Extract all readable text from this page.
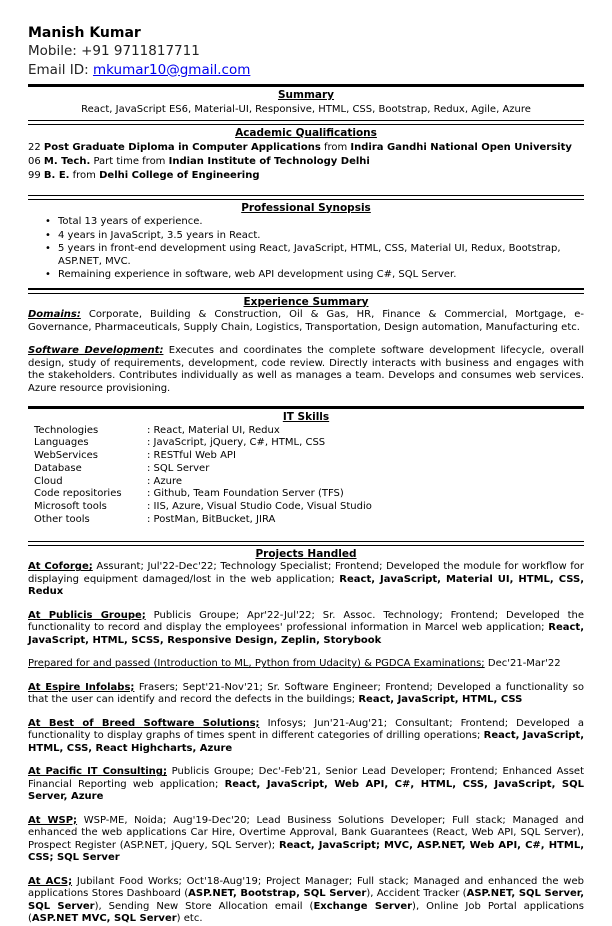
Manish Kumar

Mobile: +91 9711817711

Email ID: mkumar10@gmail.com

Summary

React, JavaScript ES6, Material-UI, Responsive, HTML, CSS, Bootstrap, Redux, Agile, Azure

Academic Qualifications

22 Post Graduate Diploma in Computer Applications from Indira Gandhi National Open University

06 M. Tech. Part time from Indian Institute of Technology Delhi

99 B. E. from Delhi College of Engineering

Professional Synopsis

• Total 13 years of experience.
• 4 years in JavaScript, 3.5 years in React.
• 5 years in front-end development using React, JavaScript, HTML, CSS, Material UI, Redux, Bootstrap, ASP.NET, MVC.
• Remaining experience in software, web API development using C#, SQL Server.

Experience Summary

Domains: Corporate, Building & Construction, Oil & Gas, HR, Finance & Commercial, Mortgage, e-Governance, Pharmaceuticals, Supply Chain, Logistics, Transportation, Design automation, Manufacturing etc.

Software Development: Executes and coordinates the complete software development lifecycle, overall design, study of requirements, development, code review. Directly interacts with business and engages with the stakeholders. Contributes individually as well as manages a team. Develops and consumes web services. Azure resource provisioning.

IT Skills

Technologies	: React, Material UI, Redux
Languages	: JavaScript, jQuery, C#, HTML, CSS
WebServices	: RESTful Web API
Database	: SQL Server
Cloud	: Azure
Code repositories	: Github, Team Foundation Server (TFS)
Microsoft tools	: IIS, Azure, Visual Studio Code, Visual Studio
Other tools	: PostMan, BitBucket, JIRA

Projects Handled

At Coforge; Assurant; Jul'22-Dec'22; Technology Specialist; Frontend; Developed the module for workflow for displaying equipment damaged/lost in the web application; React, JavaScript, Material UI, HTML, CSS, Redux

At Publicis Groupe; Publicis Groupe; Apr'22-Jul'22; Sr. Assoc. Technology; Frontend; Developed the functionality to record and display the employees' professional information in Marcel web application; React, JavaScript, HTML, SCSS, Responsive Design, Zeplin, Storybook

Prepared for and passed (Introduction to ML, Python from Udacity) & PGDCA Examinations; Dec'21-Mar'22

At Espire Infolabs; Frasers; Sept'21-Nov'21; Sr. Software Engineer; Frontend; Developed a functionality so that the user can identify and record the defects in the buildings; React, JavaScript, HTML, CSS

At Best of Breed Software Solutions; Infosys; Jun'21-Aug'21; Consultant; Frontend; Developed a functionality to display graphs of times spent in different categories of drilling operations; React, JavaScript, HTML, CSS, React Highcharts, Azure

At Pacific IT Consulting; Publicis Groupe; Dec'-Feb'21, Senior Lead Developer; Frontend; Enhanced Asset Financial Reporting web application; React, JavaScript, Web API, C#, HTML, CSS, JavaScript, SQL Server, Azure

At WSP; WSP-ME, Noida; Aug'19-Dec'20; Lead Business Solutions Developer; Full stack; Managed and enhanced the web applications Car Hire, Overtime Approval, Bank Guarantees (React, Web API, SQL Server), Prospect Register (ASP.NET, jQuery, SQL Server); React, JavaScript; MVC, ASP.NET, Web API, C#, HTML, CSS; SQL Server

At ACS; Jubilant Food Works; Oct'18-Aug'19; Project Manager; Full stack; Managed and enhanced the web applications Stores Dashboard (ASP.NET, Bootstrap, SQL Server), Accident Tracker (ASP.NET, SQL Server, SQL Server), Sending New Store Allocation email (Exchange Server), Online Job Portal applications (ASP.NET MVC, SQL Server) etc.
